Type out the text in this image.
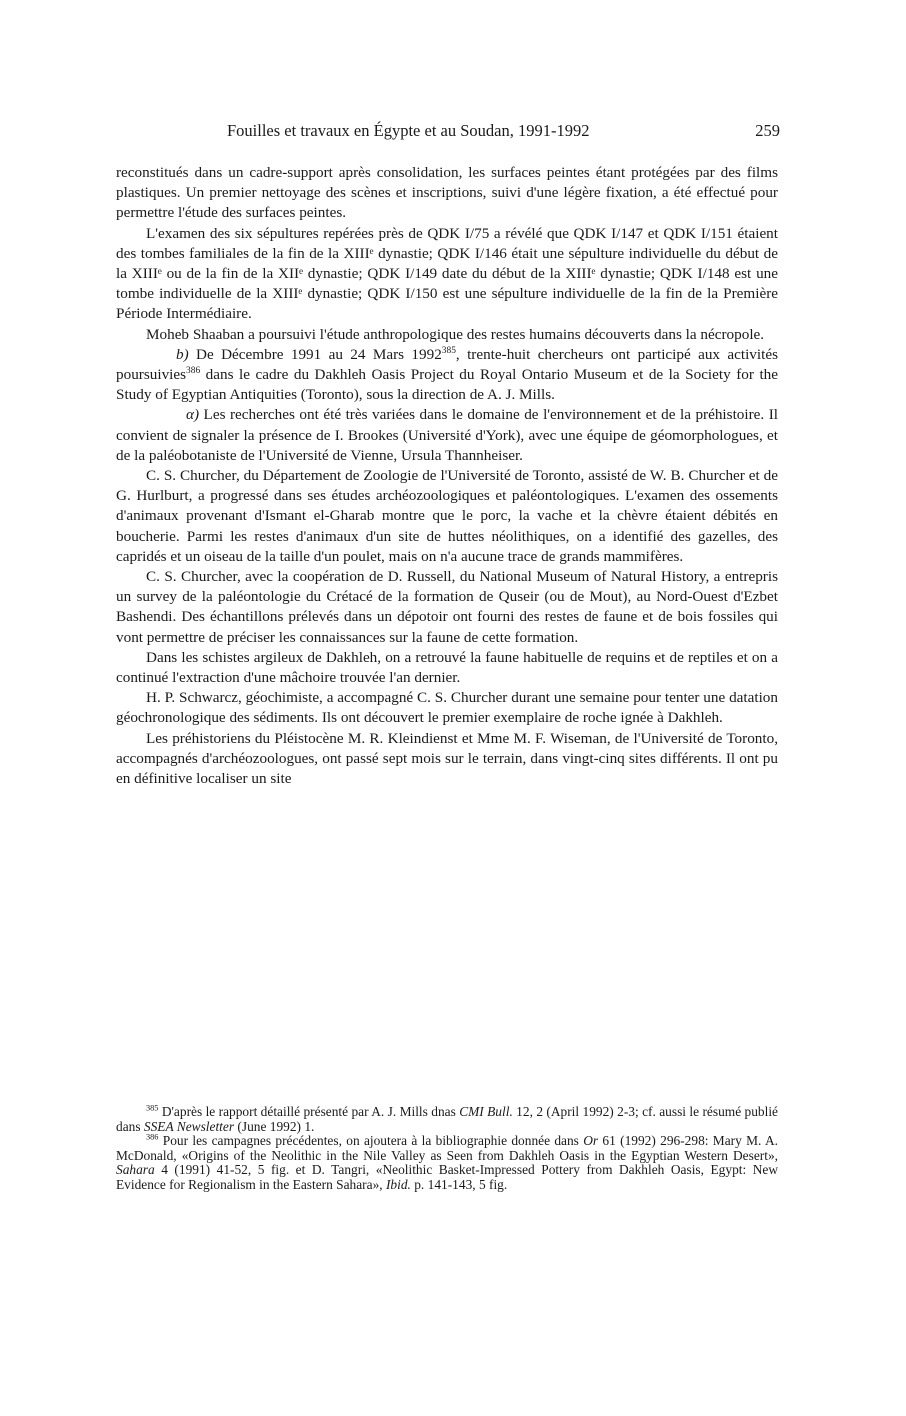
Fouilles et travaux en Égypte et au Soudan, 1991-1992	259

reconstitués dans un cadre-support après consolidation, les surfaces peintes étant protégées par des films plastiques. Un premier nettoyage des scènes et inscriptions, suivi d'une légère fixation, a été effectué pour permettre l'étude des surfaces peintes.

L'examen des six sépultures repérées près de QDK I/75 a révélé que QDK I/147 et QDK I/151 étaient des tombes familiales de la fin de la XIIIᵉ dynastie; QDK I/146 était une sépulture individuelle du début de la XIIIᵉ ou de la fin de la XIIᵉ dynastie; QDK I/149 date du début de la XIIIᵉ dynastie; QDK I/148 est une tombe individuelle de la XIIIᵉ dynastie; QDK I/150 est une sépulture individuelle de la fin de la Première Période Intermédiaire.

Moheb Shaaban a poursuivi l'étude anthropologique des restes humains découverts dans la nécropole.

b) De Décembre 1991 au 24 Mars 1992$^{385}$, trente-huit chercheurs ont participé aux activités poursuivies$^{386}$ dans le cadre du Dakhleh Oasis Project du Royal Ontario Museum et de la Society for the Study of Egyptian Antiquities (Toronto), sous la direction de A. J. Mills.

α) Les recherches ont été très variées dans le domaine de l'environnement et de la préhistoire. Il convient de signaler la présence de I. Brookes (Université d'York), avec une équipe de géomorphologues, et de la paléobotaniste de l'Université de Vienne, Ursula Thannheiser.

C. S. Churcher, du Département de Zoologie de l'Université de Toronto, assisté de W. B. Churcher et de G. Hurlburt, a progressé dans ses études archéozoologiques et paléontologiques. L'examen des ossements d'animaux provenant d'Ismant el-Gharab montre que le porc, la vache et la chèvre étaient débités en boucherie. Parmi les restes d'animaux d'un site de huttes néolithiques, on a identifié des gazelles, des capridés et un oiseau de la taille d'un poulet, mais on n'a aucune trace de grands mammifères.

C. S. Churcher, avec la coopération de D. Russell, du National Museum of Natural History, a entrepris un survey de la paléontologie du Crétacé de la formation de Quseir (ou de Mout), au Nord-Ouest d'Ezbet Bashendi. Des échantillons prélevés dans un dépotoir ont fourni des restes de faune et de bois fossiles qui vont permettre de préciser les connaissances sur la faune de cette formation.

Dans les schistes argileux de Dakhleh, on a retrouvé la faune habituelle de requins et de reptiles et on a continué l'extraction d'une mâchoire trouvée l'an dernier.

H. P. Schwarcz, géochimiste, a accompagné C. S. Churcher durant une semaine pour tenter une datation géochronologique des sédiments. Ils ont découvert le premier exemplaire de roche ignée à Dakhleh.

Les préhistoriens du Pléistocène M. R. Kleindienst et Mme M. F. Wiseman, de l'Université de Toronto, accompagnés d'archéozoologues, ont passé sept mois sur le terrain, dans vingt-cinq sites différents. Il ont pu en définitive localiser un site

$^{385}$ D'après le rapport détaillé présenté par A. J. Mills dnas CMI Bull. 12, 2 (April 1992) 2-3; cf. aussi le résumé publié dans SSEA Newsletter (June 1992) 1.

$^{386}$ Pour les campagnes précédentes, on ajoutera à la bibliographie donnée dans Or 61 (1992) 296-298: Mary M. A. McDonald, «Origins of the Neolithic in the Nile Valley as Seen from Dakhleh Oasis in the Egyptian Western Desert», Sahara 4 (1991) 41-52, 5 fig. et D. Tangri, «Neolithic Basket-Impressed Pottery from Dakhleh Oasis, Egypt: New Evidence for Regionalism in the Eastern Sahara», Ibid. p. 141-143, 5 fig.
